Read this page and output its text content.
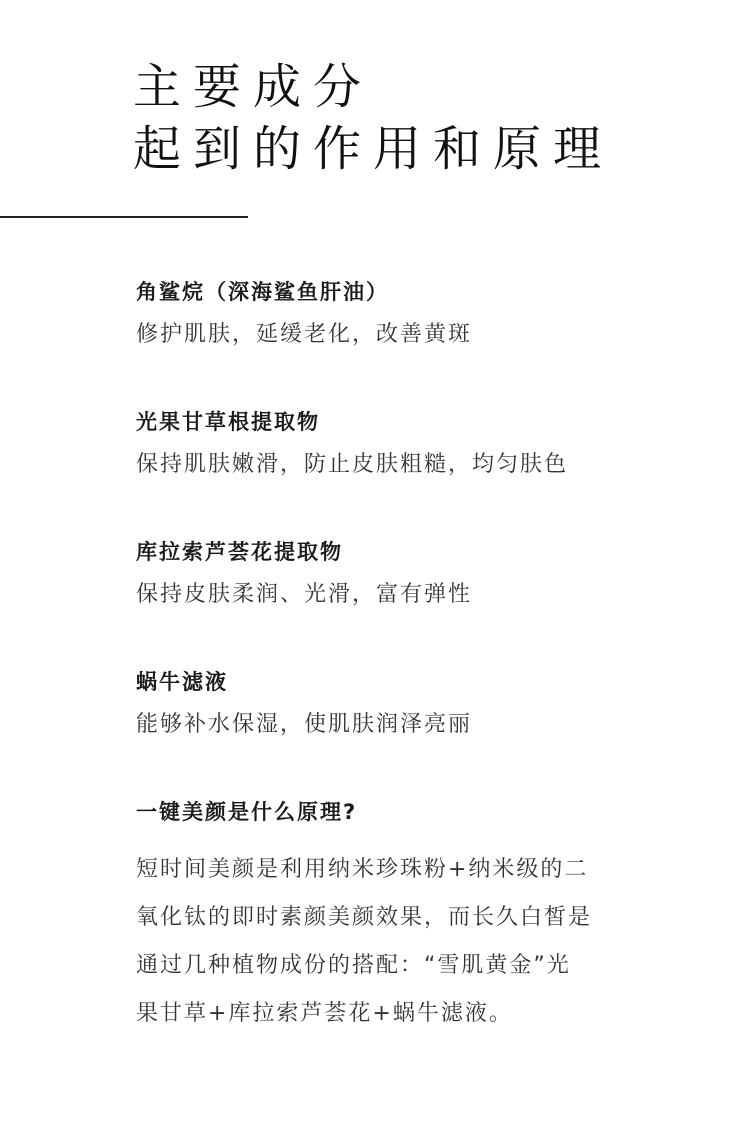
主要成分
起到的作用和原理
角鲨烷（深海鲨鱼肝油）
修护肌肤，延缓老化，改善黄斑
光果甘草根提取物
保持肌肤嫩滑，防止皮肤粗糙，均匀肤色
库拉索芦荟花提取物
保持皮肤柔润、光滑，富有弹性
蜗牛滤液
能够补水保湿，使肌肤润泽亮丽
一键美颜是什么原理?

短时间美颜是利用纳米珍珠粉+纳米级的二
氧化钛的即时素颜美颜效果，而长久白皙是
通过几种植物成份的搭配：“雪肌黄金”光
果甘草+库拉索芦荟花+蜗牛滤液。
